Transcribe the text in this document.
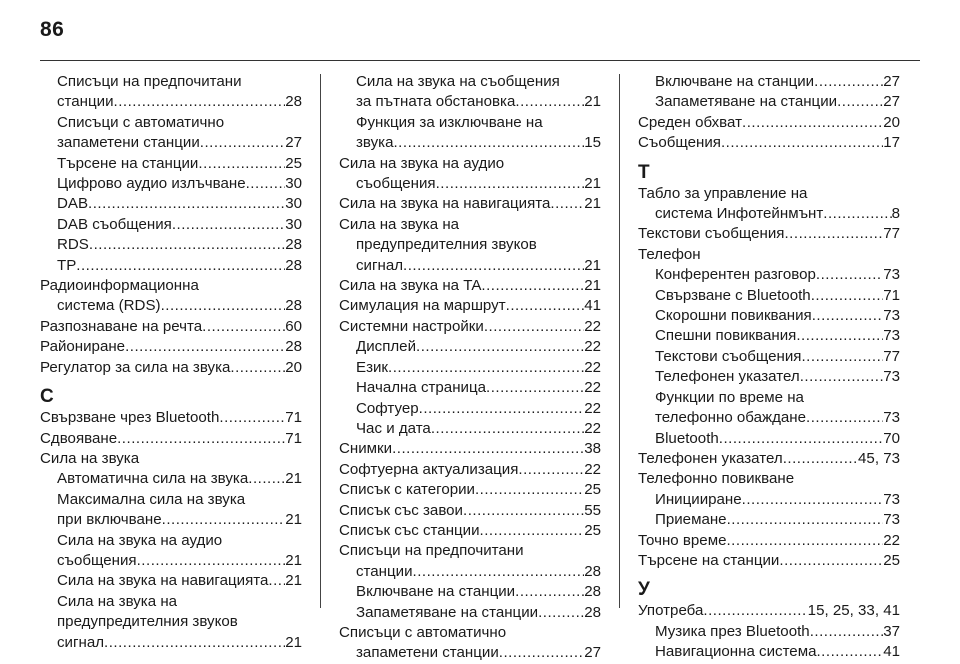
86
Списъци на предпочитани
станции .....	28
Списъци с автоматично
запаметени станции .....	27
Търсене на станции .....	25
Цифрово аудио излъчване .....	30
DAB .....	30
DAB съобщения .....	30
RDS .....	28
TP .....	28
Радиоинформационна
система (RDS) .....	28
Разпознаване на речта .....	60
Райониране .....	28
Регулатор за сила на звука .....	20
С
Свързване чрез Bluetooth .....	71
Сдвояване .....	71
Сила на звука
Автоматична сила на звука ..... 21
Максимална сила на звука
при включване .....	21
Сила на звука на аудио
съобщения .....	21
Сила на звука на навигацията ..... 21
Сила на звука на
предупредителния звуков
сигнал .....	21
Сила на звука на съобщения
за пътната обстановка .....	21
Функция за изключване на
звука .....	15
Сила на звука на аудио
съобщения .....	21
Сила на звука на навигацията ..... 21
Сила на звука на
предупредителния звуков
сигнал .....	21
Сила на звука на TA .....	21
Симулация на маршрут .....	41
Системни настройки .....	22
Дисплей .....	22
Език .....	22
Начална страница .....	22
Софтуер .....	22
Час и дата .....	22
Снимки .....	38
Софтуерна актуализация .....	22
Списък с категории .....	25
Списък със завои .....	55
Списък със станции .....	25
Списъци на предпочитани
станции .....	28
Включване на станции .....	28
Запаметяване на станции .....	28
Списъци с автоматично
запаметени станции .....	27
Включване на станции .....	27
Запаметяване на станции .....	27
Среден обхват .....	20
Съобщения .....	17
Т
Табло за управление на
система Инфотейнмънт .....	8
Текстови съобщения .....	77
Телефон
Конферентен разговор .....	73
Свързване с Bluetooth .....	71
Скорошни повиквания .....	73
Спешни повиквания .....	73
Текстови съобщения .....	77
Телефонен указател .....	73
Функции по време на
телефонно обаждане .....	73
Bluetooth .....	70
Телефонен указател .....	45, 73
Телефонно повикване
Иницииране .....	73
Приемане .....	73
Точно време .....	22
Търсене на станции .....	25
У
Употреба .....	15, 25, 33, 41
Музика през Bluetooth .....	37
Навигационна система .....	41
